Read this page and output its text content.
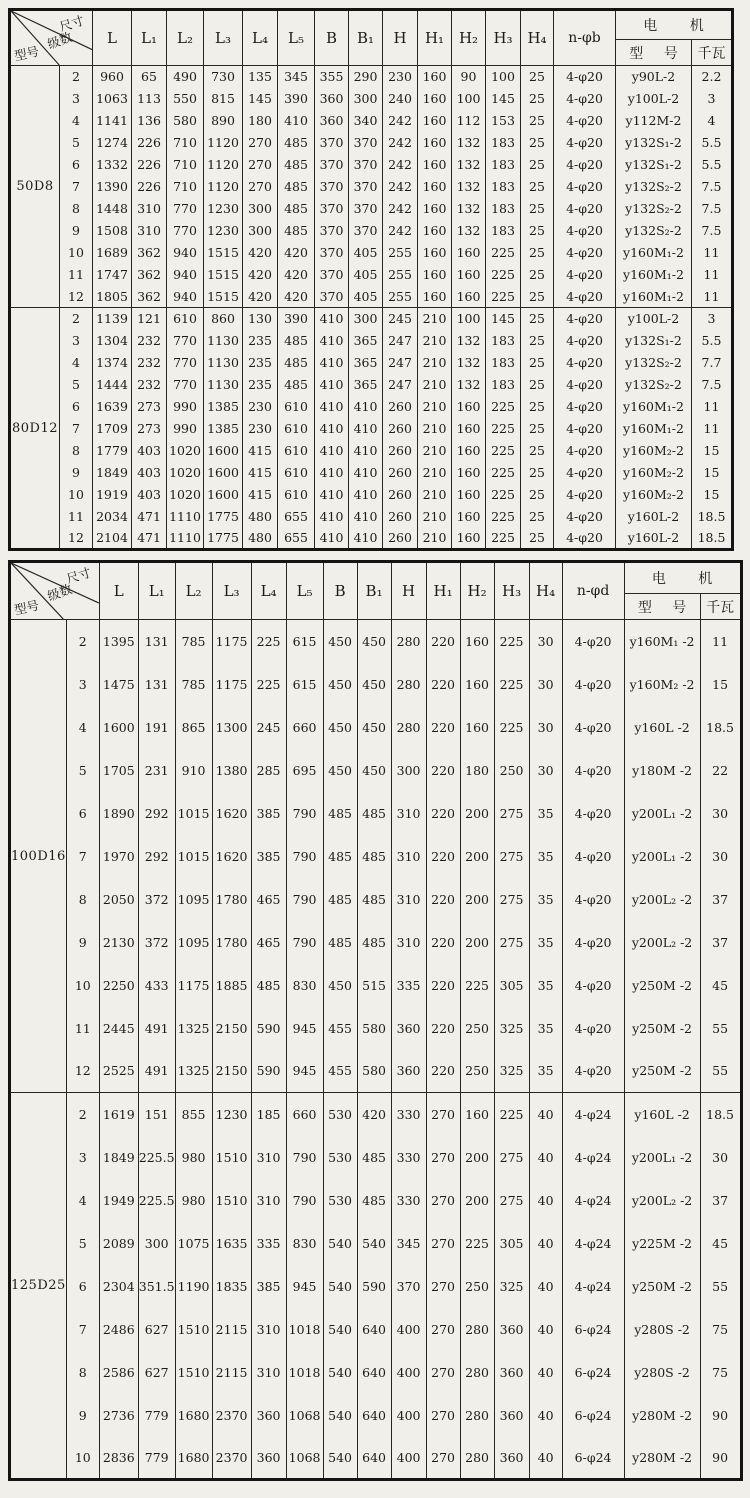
尺寸
级数
型号		L	L₁	L₂	L₃	L₄	L₅	B	B₁	H	H₁	H₂	H₃	H₄	n-φb	电 机	
																型 号	千瓦
50D8	2	960	65	490	730	135	345	355	290	230	160	90	100	25	4-φ20	y90L-2	2.2
	3	1063	113	550	815	145	390	360	300	240	160	100	145	25	4-φ20	y100L-2	3
	4	1141	136	580	890	180	410	360	340	242	160	112	153	25	4-φ20	y112M-2	4
	5	1274	226	710	1120	270	485	370	370	242	160	132	183	25	4-φ20	y132S₁-2	5.5
	6	1332	226	710	1120	270	485	370	370	242	160	132	183	25	4-φ20	y132S₁-2	5.5
	7	1390	226	710	1120	270	485	370	370	242	160	132	183	25	4-φ20	y132S₂-2	7.5
	8	1448	310	770	1230	300	485	370	370	242	160	132	183	25	4-φ20	y132S₂-2	7.5
	9	1508	310	770	1230	300	485	370	370	242	160	132	183	25	4-φ20	y132S₂-2	7.5
	10	1689	362	940	1515	420	420	370	405	255	160	160	225	25	4-φ20	y160M₁-2	11
	11	1747	362	940	1515	420	420	370	405	255	160	160	225	25	4-φ20	y160M₁-2	11
	12	1805	362	940	1515	420	420	370	405	255	160	160	225	25	4-φ20	y160M₁-2	11
80D12	2	1139	121	610	860	130	390	410	300	245	210	100	145	25	4-φ20	y100L-2	3
	3	1304	232	770	1130	235	485	410	365	247	210	132	183	25	4-φ20	y132S₁-2	5.5
	4	1374	232	770	1130	235	485	410	365	247	210	132	183	25	4-φ20	y132S₂-2	7.7
	5	1444	232	770	1130	235	485	410	365	247	210	132	183	25	4-φ20	y132S₂-2	7.5
	6	1639	273	990	1385	230	610	410	410	260	210	160	225	25	4-φ20	y160M₁-2	11
	7	1709	273	990	1385	230	610	410	410	260	210	160	225	25	4-φ20	y160M₁-2	11
	8	1779	403	1020	1600	415	610	410	410	260	210	160	225	25	4-φ20	y160M₂-2	15
	9	1849	403	1020	1600	415	610	410	410	260	210	160	225	25	4-φ20	y160M₂-2	15
	10	1919	403	1020	1600	415	610	410	410	260	210	160	225	25	4-φ20	y160M₂-2	15
	11	2034	471	1110	1775	480	655	410	410	260	210	160	225	25	4-φ20	y160L-2	18.5
	12	2104	471	1110	1775	480	655	410	410	260	210	160	225	25	4-φ20	y160L-2	18.5
尺寸
级数
型号		L	L₁	L₂	L₃	L₄	L₅	B	B₁	H	H₁	H₂	H₃	H₄	n-φd	电 机	
																型 号	千瓦
100D16	2	1395	131	785	1175	225	615	450	450	280	220	160	225	30	4-φ20	y160M₁ -2	11
	3	1475	131	785	1175	225	615	450	450	280	220	160	225	30	4-φ20	y160M₂ -2	15
	4	1600	191	865	1300	245	660	450	450	280	220	160	225	30	4-φ20	y160L -2	18.5
	5	1705	231	910	1380	285	695	450	450	300	220	180	250	30	4-φ20	y180M -2	22
	6	1890	292	1015	1620	385	790	485	485	310	220	200	275	35	4-φ20	y200L₁ -2	30
	7	1970	292	1015	1620	385	790	485	485	310	220	200	275	35	4-φ20	y200L₁ -2	30
	8	2050	372	1095	1780	465	790	485	485	310	220	200	275	35	4-φ20	y200L₂ -2	37
	9	2130	372	1095	1780	465	790	485	485	310	220	200	275	35	4-φ20	y200L₂ -2	37
	10	2250	433	1175	1885	485	830	450	515	335	220	225	305	35	4-φ20	y250M -2	45
	11	2445	491	1325	2150	590	945	455	580	360	220	250	325	35	4-φ20	y250M -2	55
	12	2525	491	1325	2150	590	945	455	580	360	220	250	325	35	4-φ20	y250M -2	55
125D25	2	1619	151	855	1230	185	660	530	420	330	270	160	225	40	4-φ24	y160L -2	18.5
	3	1849	225.5	980	1510	310	790	530	485	330	270	200	275	40	4-φ24	y200L₁ -2	30
	4	1949	225.5	980	1510	310	790	530	485	330	270	200	275	40	4-φ24	y200L₂ -2	37
	5	2089	300	1075	1635	335	830	540	540	345	270	225	305	40	4-φ24	y225M -2	45
	6	2304	351.5	1190	1835	385	945	540	590	370	270	250	325	40	4-φ24	y250M -2	55
	7	2486	627	1510	2115	310	1018	540	640	400	270	280	360	40	6-φ24	y280S -2	75
	8	2586	627	1510	2115	310	1018	540	640	400	270	280	360	40	6-φ24	y280S -2	75
	9	2736	779	1680	2370	360	1068	540	640	400	270	280	360	40	6-φ24	y280M -2	90
	10	2836	779	1680	2370	360	1068	540	640	400	270	280	360	40	6-φ24	y280M -2	90
